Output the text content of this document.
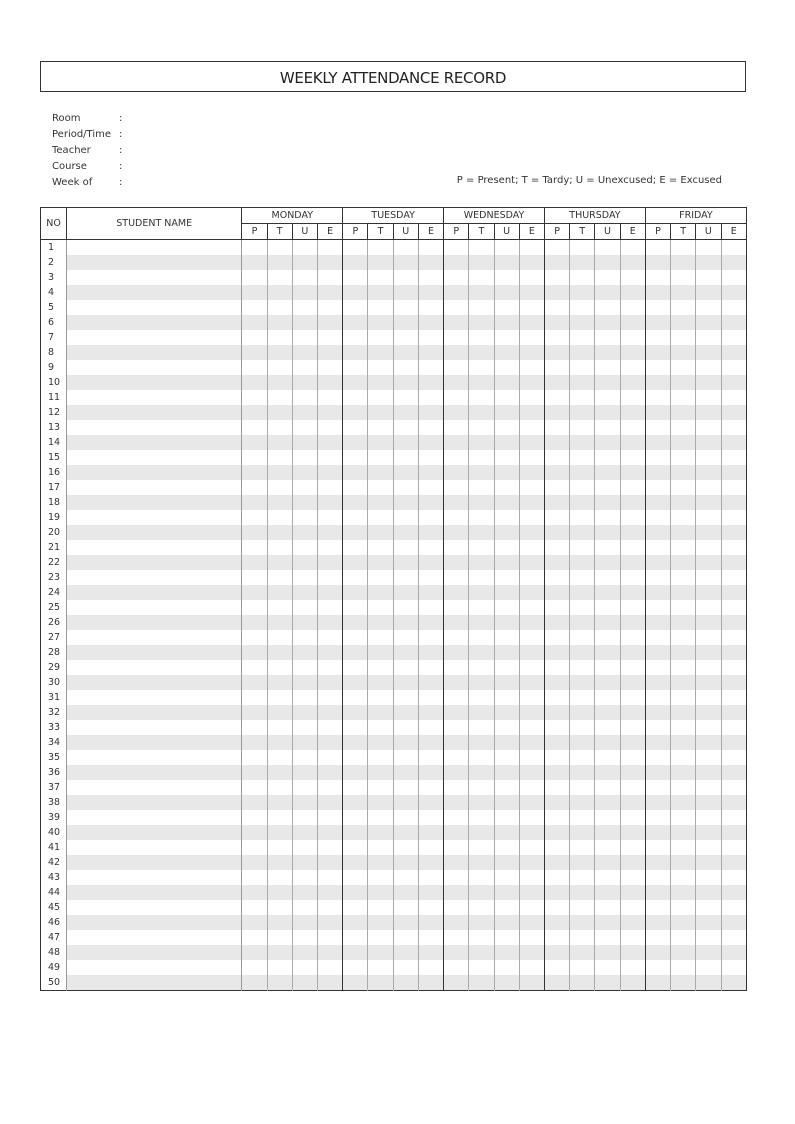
WEEKLY ATTENDANCE RECORD
Room	:
Period/Time :
Teacher	:
Course	:
Week of	:	P = Present; T = Tardy; U = Unexcused; E = Excused
NO	STUDENT NAME	MONDAY				TUESDAY				WEDNESDAY				THURSDAY				FRIDAY			
		P	T	U	E	P	T	U	E	P	T	U	E	P	T	U	E	P	T	U	E
1																					
2																					
3																					
4																					
5																					
6																					
7																					
8																					
9																					
10																					
11																					
12																					
13																					
14																					
15																					
16																					
17																					
18																					
19																					
20																					
21																					
22																					
23																					
24																					
25																					
26																					
27																					
28																					
29																					
30																					
31																					
32																					
33																					
34																					
35																					
36																					
37																					
38																					
39																					
40																					
41																					
42																					
43																					
44																					
45																					
46																					
47																					
48																					
49																					
50																					
